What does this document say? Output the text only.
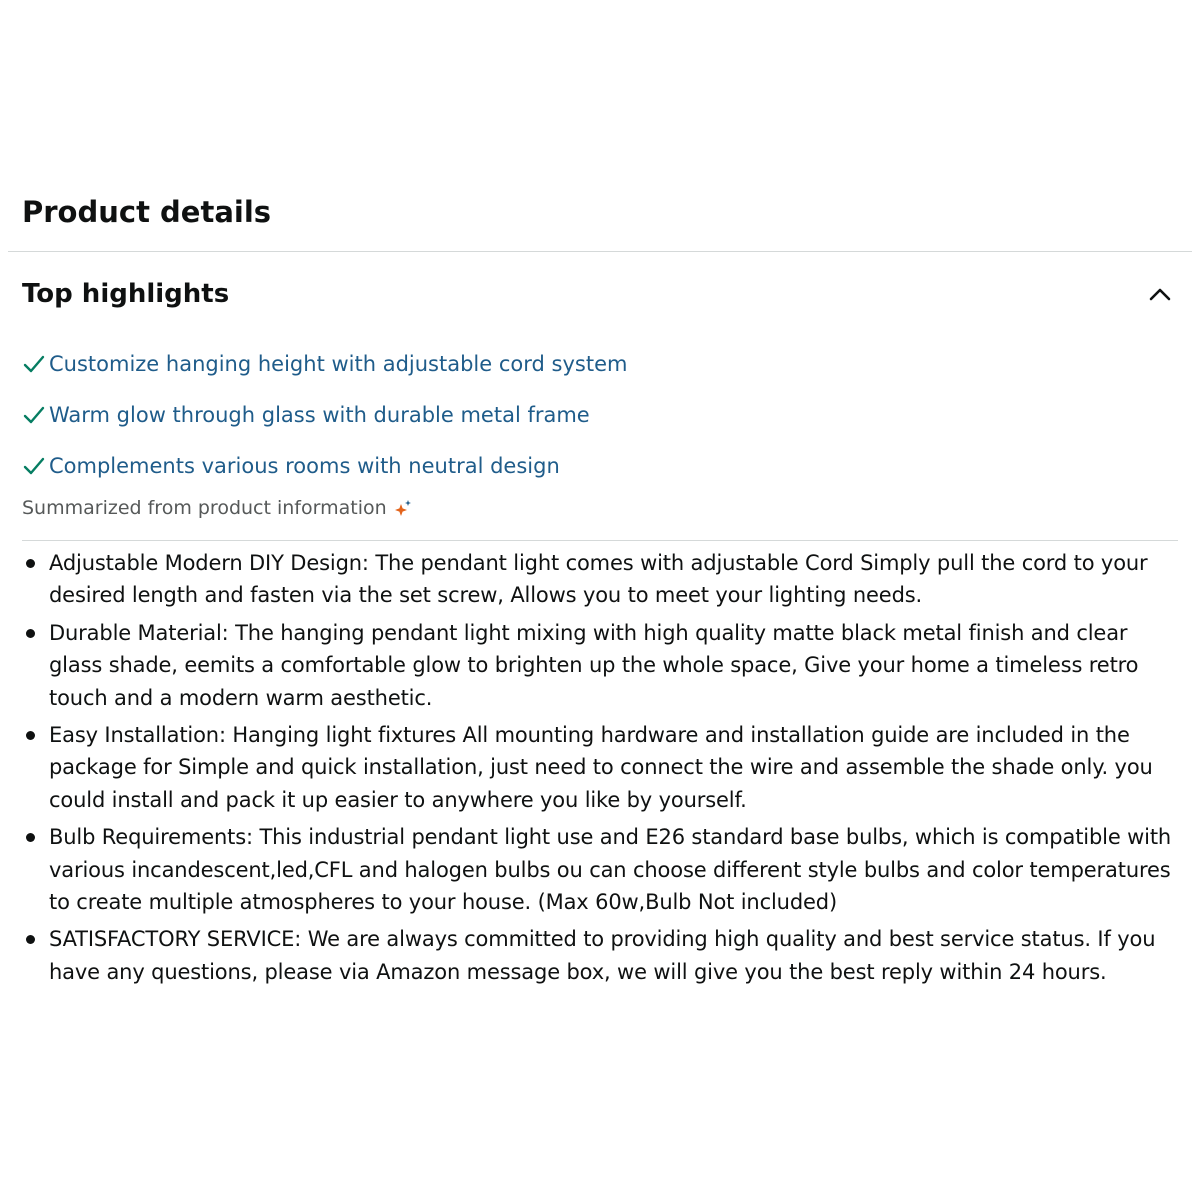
Product details
Top highlights
Customize hanging height with adjustable cord system
Warm glow through glass with durable metal frame
Complements various rooms with neutral design
Summarized from product information
Adjustable Modern DIY Design: The pendant light comes with adjustable Cord Simply pull the cord to your desired length and fasten via the set screw, Allows you to meet your lighting needs.
Durable Material: The hanging pendant light mixing with high quality matte black metal finish and clear glass shade, eemits a comfortable glow to brighten up the whole space, Give your home a timeless retro touch and a modern warm aesthetic.
Easy Installation: Hanging light fixtures All mounting hardware and installation guide are included in the package for Simple and quick installation, just need to connect the wire and assemble the shade only. you could install and pack it up easier to anywhere you like by yourself.
Bulb Requirements: This industrial pendant light use and E26 standard base bulbs, which is compatible with various incandescent,led,CFL and halogen bulbs ou can choose different style bulbs and color temperatures to create multiple atmospheres to your house. (Max 60w,Bulb Not included)
SATISFACTORY SERVICE: We are always committed to providing high quality and best service status. If you have any questions, please via Amazon message box, we will give you the best reply within 24 hours.
